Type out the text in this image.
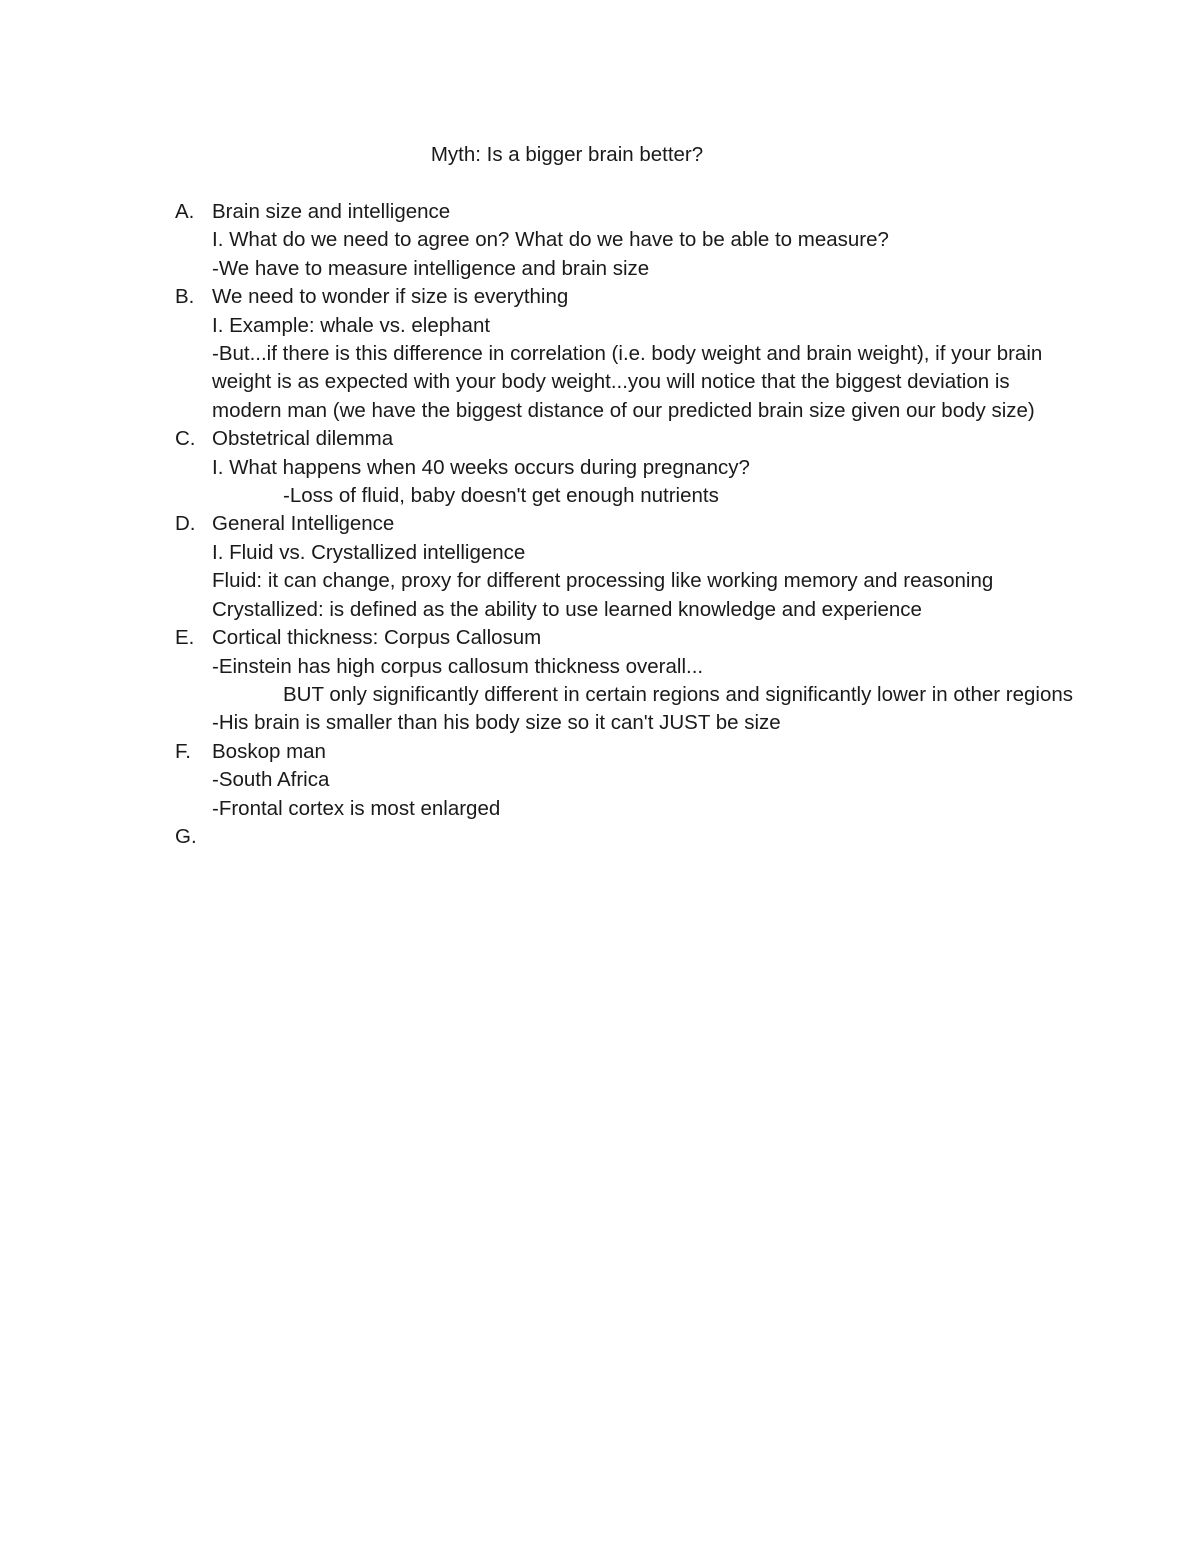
Myth: Is a bigger brain better?
A. Brain size and intelligence
I. What do we need to agree on? What do we have to be able to measure?
-We have to measure intelligence and brain size
B. We need to wonder if size is everything
I. Example: whale vs. elephant
-But...if there is this difference in correlation (i.e. body weight and brain weight), if your brain weight is as expected with your body weight...you will notice that the biggest deviation is modern man (we have the biggest distance of our predicted brain size given our body size)
C. Obstetrical dilemma
I. What happens when 40 weeks occurs during pregnancy?
-Loss of fluid, baby doesn't get enough nutrients
D. General Intelligence
I. Fluid vs. Crystallized intelligence
Fluid: it can change, proxy for different processing like working memory and reasoning
Crystallized: is defined as the ability to use learned knowledge and experience
E. Cortical thickness: Corpus Callosum
-Einstein has high corpus callosum thickness overall...
BUT only significantly different in certain regions and significantly lower in other regions
-His brain is smaller than his body size so it can't JUST be size
F. Boskop man
-South Africa
-Frontal cortex is most enlarged
G.
